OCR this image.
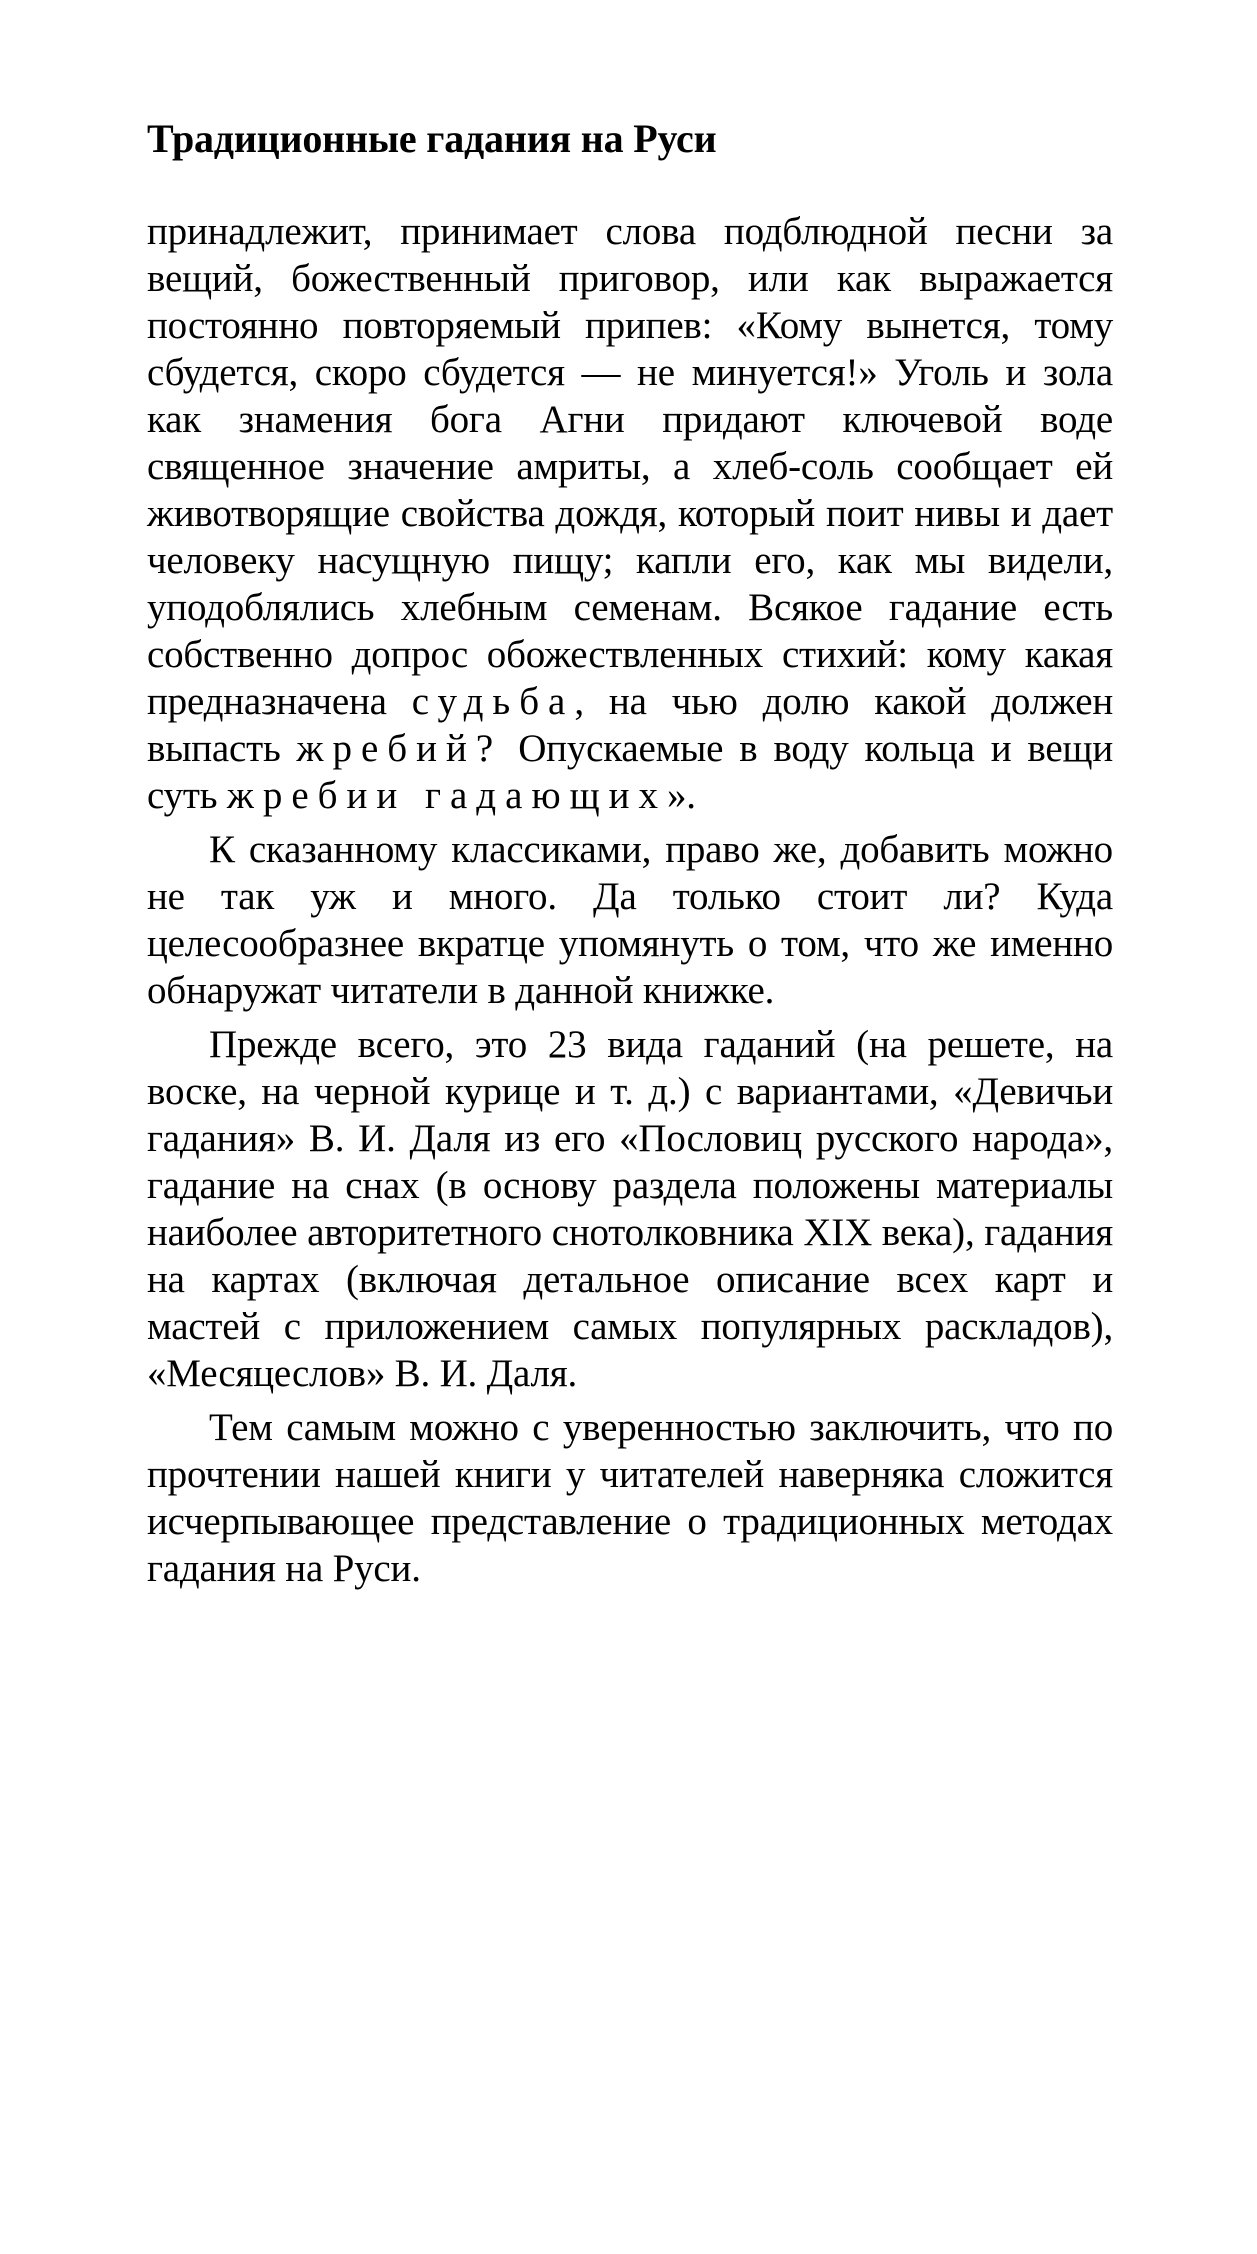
Традиционные гадания на Руси

принадлежит, принимает слова подблюдной песни за вещий, божественный приговор, или как выражается постоянно повторяемый припев: «Кому вынется, тому сбудется, скоро сбудется — не минуется!» Уголь и зола как знамения бога Агни придают ключевой воде священное значение амриты, а хлеб-соль сообщает ей животворящие свойства дождя, который поит нивы и дает человеку насущную пищу; капли его, как мы видели, уподоблялись хлебным семенам. Всякое гадание есть собственно допрос обожествленных стихий: кому какая предназначена судьба, на чью долю какой должен выпасть жребий? Опускаемые в воду кольца и вещи суть жребии гадающих».

К сказанному классиками, право же, добавить можно не так уж и много. Да только стоит ли? Куда целесообразнее вкратце упомянуть о том, что же именно обнаружат читатели в данной книжке.

Прежде всего, это 23 вида гаданий (на решете, на воске, на черной курице и т. д.) с вариантами, «Девичьи гадания» В. И. Даля из его «Пословиц русского народа», гадание на снах (в основу раздела положены материалы наиболее авторитетного снотолковника XIX века), гадания на картах (включая детальное описание всех карт и мастей с приложением самых популярных раскладов), «Месяцеслов» В. И. Даля.

Тем самым можно с уверенностью заключить, что по прочтении нашей книги у читателей наверняка сложится исчерпывающее представление о традиционных методах гадания на Руси.
